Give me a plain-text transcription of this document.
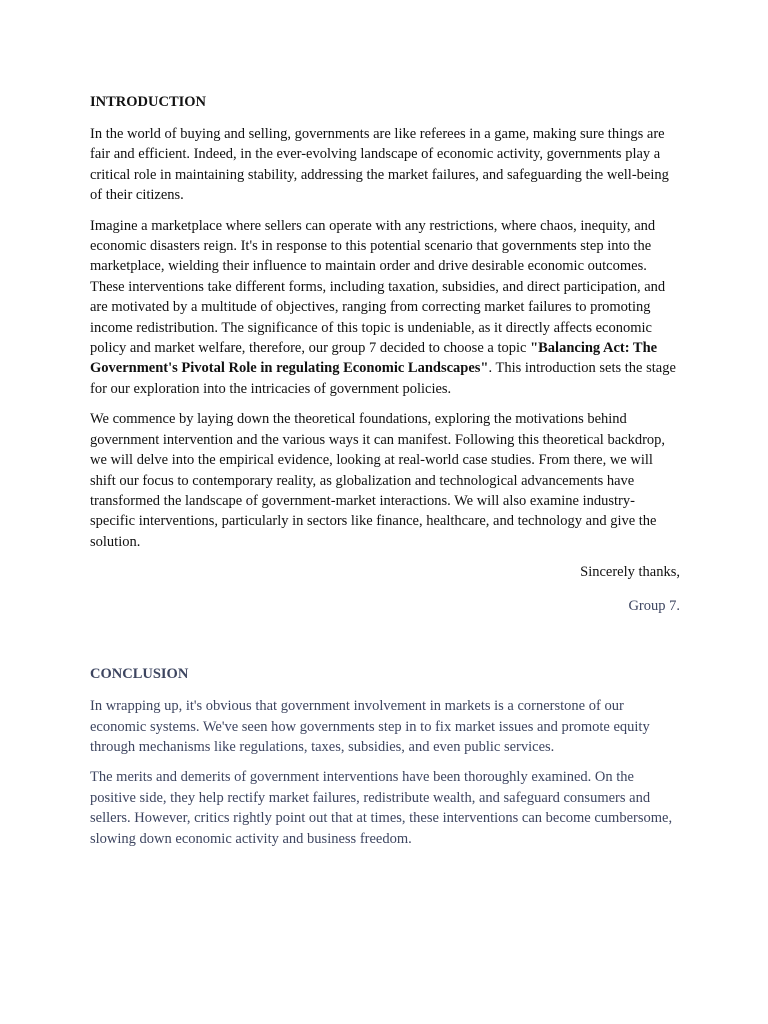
INTRODUCTION

In the world of buying and selling, governments are like referees in a game, making sure things are fair and efficient. Indeed, in the ever-evolving landscape of economic activity, governments play a critical role in maintaining stability, addressing the market failures, and safeguarding the well-being of their citizens.

Imagine a marketplace where sellers can operate with any restrictions, where chaos, inequity, and economic disasters reign. It's in response to this potential scenario that governments step into the marketplace, wielding their influence to maintain order and drive desirable economic outcomes. These interventions take different forms, including taxation, subsidies, and direct participation, and are motivated by a multitude of objectives, ranging from correcting market failures to promoting income redistribution. The significance of this topic is undeniable, as it directly affects economic policy and market welfare, therefore, our group 7 decided to choose a topic "Balancing Act: The Government's Pivotal Role in regulating Economic Landscapes". This introduction sets the stage for our exploration into the intricacies of government policies.

We commence by laying down the theoretical foundations, exploring the motivations behind government intervention and the various ways it can manifest. Following this theoretical backdrop, we will delve into the empirical evidence, looking at real-world case studies. From there, we will shift our focus to contemporary reality, as globalization and technological advancements have transformed the landscape of government-market interactions. We will also examine industry-specific interventions, particularly in sectors like finance, healthcare, and technology and give the solution.

Sincerely thanks,

Group 7.

CONCLUSION

In wrapping up, it's obvious that government involvement in markets is a cornerstone of our economic systems. We've seen how governments step in to fix market issues and promote equity through mechanisms like regulations, taxes, subsidies, and even public services.

The merits and demerits of government interventions have been thoroughly examined. On the positive side, they help rectify market failures, redistribute wealth, and safeguard consumers and sellers. However, critics rightly point out that at times, these interventions can become cumbersome, slowing down economic activity and business freedom.
